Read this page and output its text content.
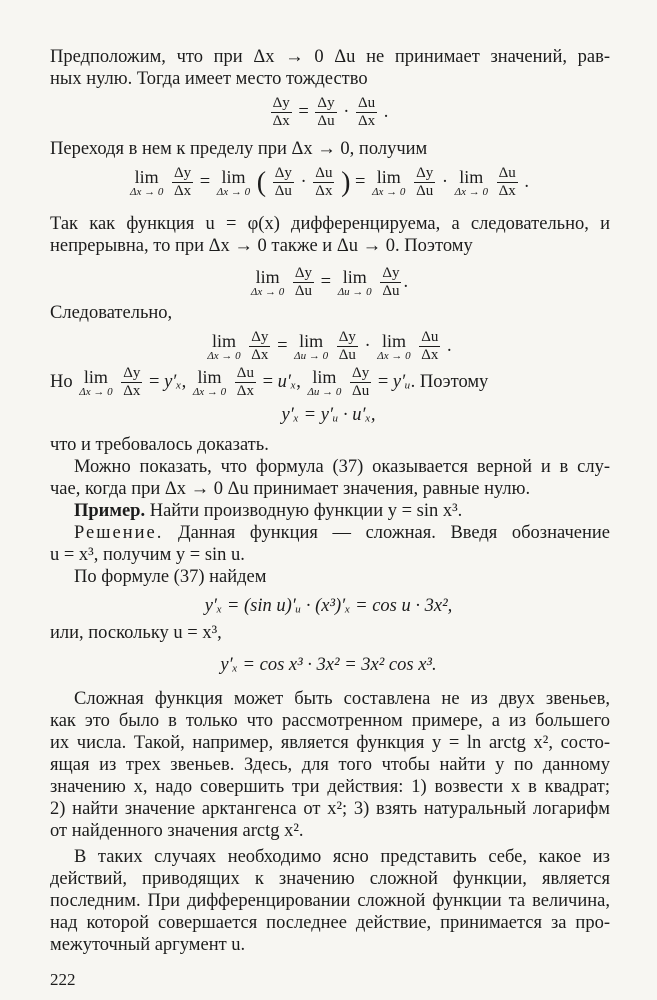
Предположим, что при Δx → 0 Δu не принимает значений, рав-
ных нулю. Тогда имеет место тождество
$\frac{\Delta y}{\Delta x} = \frac{\Delta y}{\Delta u} \cdot \frac{\Delta u}{\Delta x}$ .
Переходя в нем к пределу при Δx → 0, получим
lim
Δx → 0
$\frac{\Delta y}{\Delta x} = \lim$
Δx → 0 ( $\frac{\Delta y}{\Delta u} \cdot \frac{\Delta u}{\Delta x}$ ) = lim
Δx → 0
$\frac{\Delta y}{\Delta u} \cdot \lim$
Δx → 0
$\frac{\Delta u}{\Delta x}$ .
Так как функция u = φ(x) дифференцируема, а следовательно, и
непрерывна, то при Δx → 0 также и Δu → 0. Поэтому
lim
Δx → 0
$\frac{\Delta y}{\Delta u} = \lim$
Δu → 0
$\frac{\Delta y}{\Delta u}$ .
Следовательно,
lim
Δx → 0
$\frac{\Delta y}{\Delta x} = \lim$
Δu → 0
$\frac{\Delta y}{\Delta u} \cdot \lim$
Δx → 0
$\frac{\Delta u}{\Delta x}$ .
Но lim
Δx → 0
$\frac{\Delta y}{\Delta x} = y'_x$, lim
Δx → 0
$\frac{\Delta u}{\Delta x} = u'_x$, lim
Δu → 0
$\frac{\Delta y}{\Delta u}$ = y′ᵤ. Поэтому
y′ₓ = y′ᵤ · u′ₓ,
что и требовалось доказать.
Можно показать, что формула (37) оказывается верной и в слу-
чае, когда при Δx → 0 Δu принимает значения, равные нулю.
Пример. Найти производную функции y = sin x³.
Решение. Данная функция — сложная. Введя обозначение
u = x³, получим y = sin u.
По формуле (37) найдем
y′ₓ = (sin u)′ᵤ · (x³)′ₓ = cos u · 3x²,
или, поскольку u = x³,
y′ₓ = cos x³ · 3x² = 3x² cos x³.
Сложная функция может быть составлена не из двух звеньев,
как это было в только что рассмотренном примере, а из большего
их числа. Такой, например, является функция y = ln arctg x², состо-
ящая из трех звеньев. Здесь, для того чтобы найти y по данному
значению x, надо совершить три действия: 1) возвести x в квадрат;
2) найти значение арктангенса от x²; 3) взять натуральный логарифм
от найденного значения arctg x².
В таких случаях необходимо ясно представить себе, какое из
действий, приводящих к значению сложной функции, является
последним. При дифференцировании сложной функции та величина,
над которой совершается последнее действие, принимается за про-
межуточный аргумент u.
222
